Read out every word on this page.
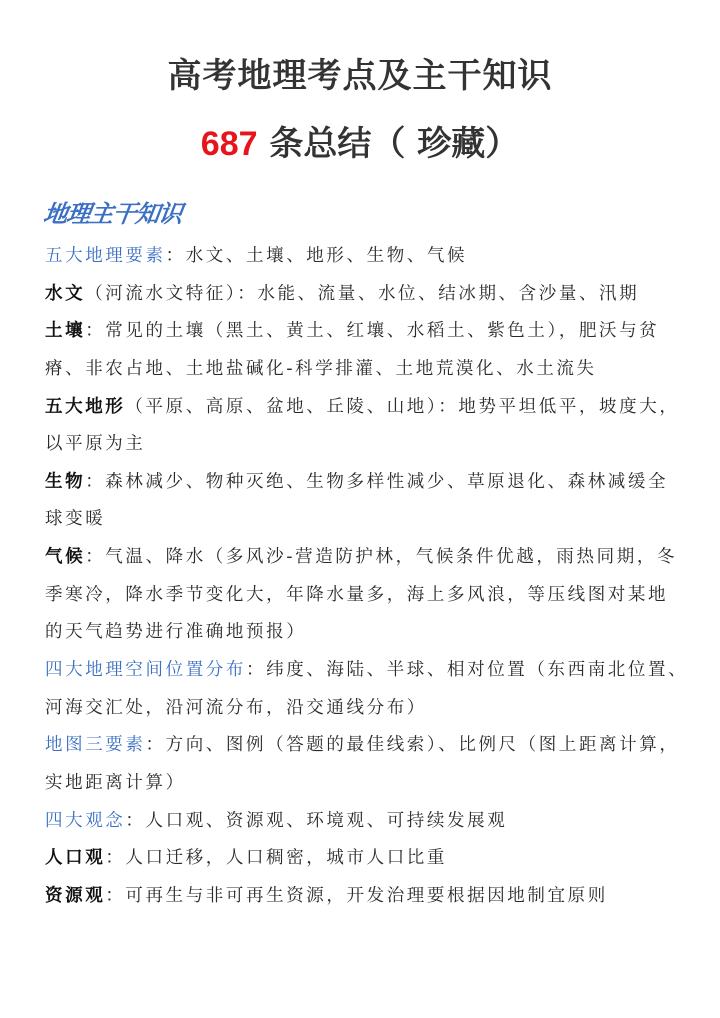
高考地理考点及主干知识
687 条总结（ 珍藏）
地理主干知识
五大地理要素：水文、土壤、地形、生物、气候
水文（河流水文特征）：水能、流量、水位、结冰期、含沙量、汛期
土壤：常见的土壤（黑土、黄土、红壤、水稻土、紫色土），肥沃与贫
瘠、非农占地、土地盐碱化-科学排灌、土地荒漠化、水土流失
五大地形（平原、高原、盆地、丘陵、山地）：地势平坦低平，坡度大，
以平原为主
生物：森林减少、物种灭绝、生物多样性减少、草原退化、森林减缓全
球变暖
气候：气温、降水（多风沙-营造防护林，气候条件优越，雨热同期，冬
季寒冷，降水季节变化大，年降水量多，海上多风浪，等压线图对某地
的天气趋势进行准确地预报）
四大地理空间位置分布：纬度、海陆、半球、相对位置（东西南北位置、
河海交汇处，沿河流分布，沿交通线分布）
地图三要素：方向、图例（答题的最佳线索）、比例尺（图上距离计算，
实地距离计算）
四大观念：人口观、资源观、环境观、可持续发展观
人口观：人口迁移，人口稠密，城市人口比重
资源观：可再生与非可再生资源，开发治理要根据因地制宜原则
